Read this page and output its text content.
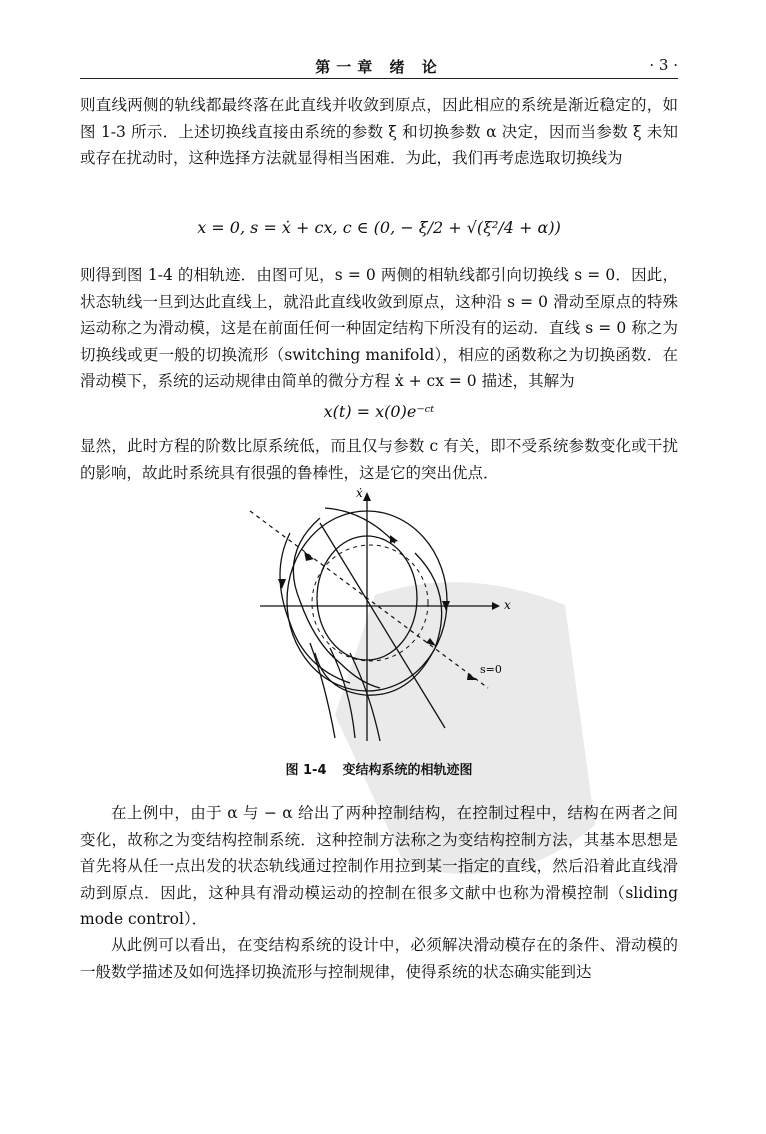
第一章 绪 论	· 3 ·

则直线两侧的轨线都最终落在此直线并收敛到原点，因此相应的系统是渐近稳定的，如图 1-3 所示．上述切换线直接由系统的参数 ξ 和切换参数 α 决定，因而当参数 ξ 未知或存在扰动时，这种选择方法就显得相当困难．为此，我们再考虑选取切换线为

x = 0, s = ẋ + cx, c ∈ (0, − ξ/2 + √(ξ²/4 + α))

则得到图 1-4 的相轨迹．由图可见，s = 0 两侧的相轨线都引向切换线 s = 0．因此，状态轨线一旦到达此直线上，就沿此直线收敛到原点，这种沿 s = 0 滑动至原点的特殊运动称之为滑动模，这是在前面任何一种固定结构下所没有的运动．直线 s = 0 称之为切换线或更一般的切换流形（switching manifold），相应的函数称之为切换函数．在滑动模下，系统的运动规律由简单的微分方程 ẋ + cx = 0 描述，其解为

x(t) = x(0)e⁻ᶜᵗ

显然，此时方程的阶数比原系统低，而且仅与参数 c 有关，即不受系统参数变化或干扰的影响，故此时系统具有很强的鲁棒性，这是它的突出优点．

x
ẋ
s=0
图 1-4 变结构系统的相轨迹图

在上例中，由于 α 与 − α 给出了两种控制结构，在控制过程中，结构在两者之间变化，故称之为变结构控制系统．这种控制方法称之为变结构控制方法，其基本思想是首先将从任一点出发的状态轨线通过控制作用拉到某一指定的直线，然后沿着此直线滑动到原点．因此，这种具有滑动模运动的控制在很多文献中也称为滑模控制（sliding mode control）．

从此例可以看出，在变结构系统的设计中，必须解决滑动模存在的条件、滑动模的一般数学描述及如何选择切换流形与控制规律，使得系统的状态确实能到达
